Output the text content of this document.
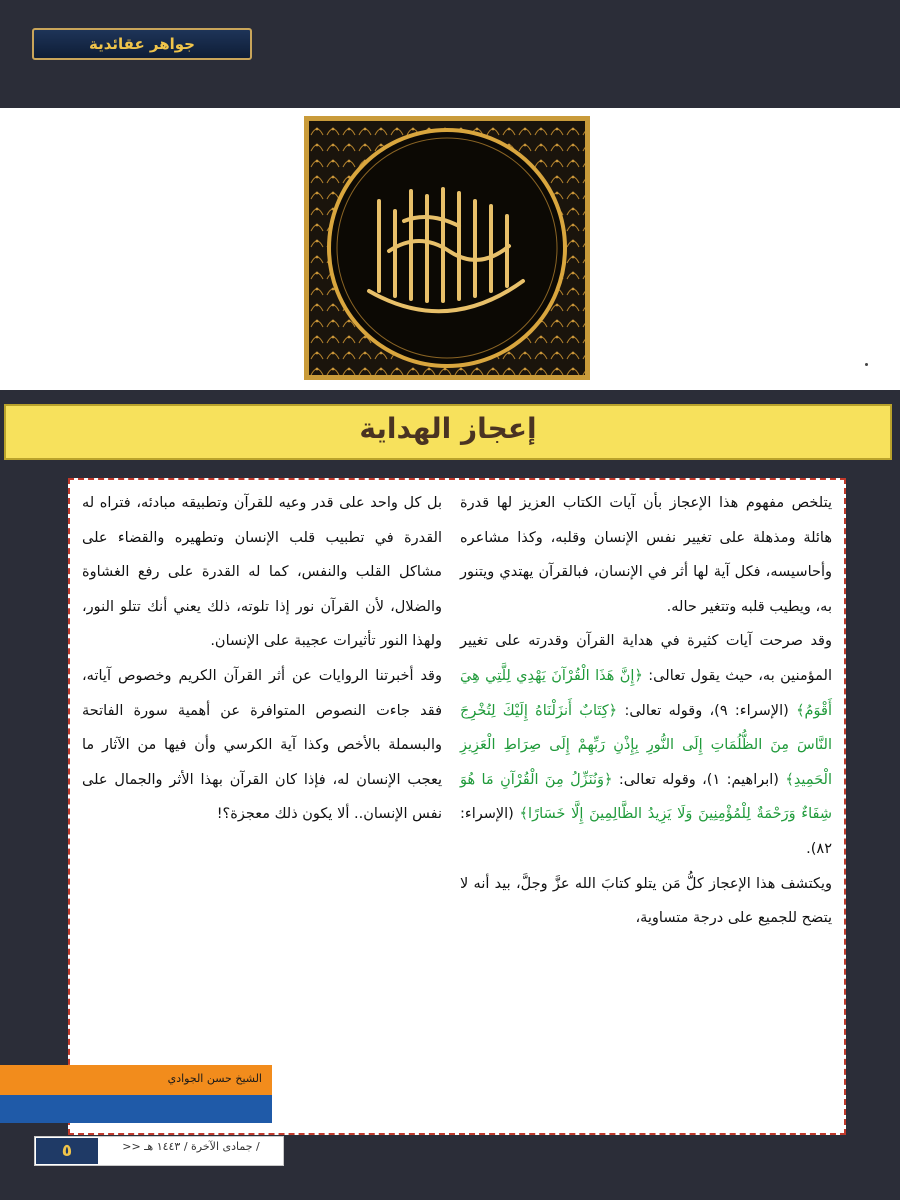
جواهر عقائدية
إعجاز الهداية

يتلخص مفهوم هذا الإعجاز بأن آيات الكتاب العزيز لها قدرة هائلة ومذهلة على تغيير نفس الإنسان وقلبه، وكذا مشاعره وأحاسيسه، فكل آية لها أثر في الإنسان، فبالقرآن يهتدي ويتنور به، ويطيب قلبه وتتغير حاله.

وقد صرحت آيات كثيرة في هداية القرآن وقدرته على تغيير المؤمنين به، حيث يقول تعالى: ﴿إِنَّ هَذَا الْقُرْآنَ يَهْدِي لِلَّتِي هِيَ أَقْوَمُ﴾ (الإسراء: ٩)، وقوله تعالى: ﴿كِتَابٌ أَنزَلْنَاهُ إِلَيْكَ لِتُخْرِجَ النَّاسَ مِنَ الظُّلُمَاتِ إِلَى النُّورِ بِإِذْنِ رَبِّهِمْ إِلَى صِرَاطِ الْعَزِيزِ الْحَمِيدِ﴾ (ابراهيم: ١)، وقوله تعالى: ﴿وَنُنَزِّلُ مِنَ الْقُرْآنِ مَا هُوَ شِفَاءٌ وَرَحْمَةٌ لِلْمُؤْمِنِينَ وَلَا يَزِيدُ الظَّالِمِينَ إِلَّا خَسَارًا﴾ (الإسراء: ٨٢).

ويكتشف هذا الإعجاز كلُّ مَن يتلو كتابَ الله عزَّ وجلَّ، بيد أنه لا يتضح للجميع على درجة متساوية،

بل كل واحد على قدر وعيه للقرآن وتطبيقه مبادئه، فتراه له القدرة في تطبيب قلب الإنسان وتطهيره والقضاء على مشاكل القلب والنفس، كما له القدرة على رفع الغشاوة والضلال، لأن القرآن نور إذا تلوته، ذلك يعني أنك تتلو النور، ولهذا النور تأثيرات عجيبة على الإنسان.

وقد أخبرتنا الروايات عن أثر القرآن الكريم وخصوص آياته، فقد جاءت النصوص المتوافرة عن أهمية سورة الفاتحة والبسملة بالأخص وكذا آية الكرسي وأن فيها من الآثار ما يعجب الإنسان له، فإذا كان القرآن بهذا الأثر والجمال على نفس الإنسان.. ألا يكون ذلك معجزة؟!

الشيخ حسن الجوادي
٥	/ جمادى الآخرة / ١٤٤٣ هـ <<
